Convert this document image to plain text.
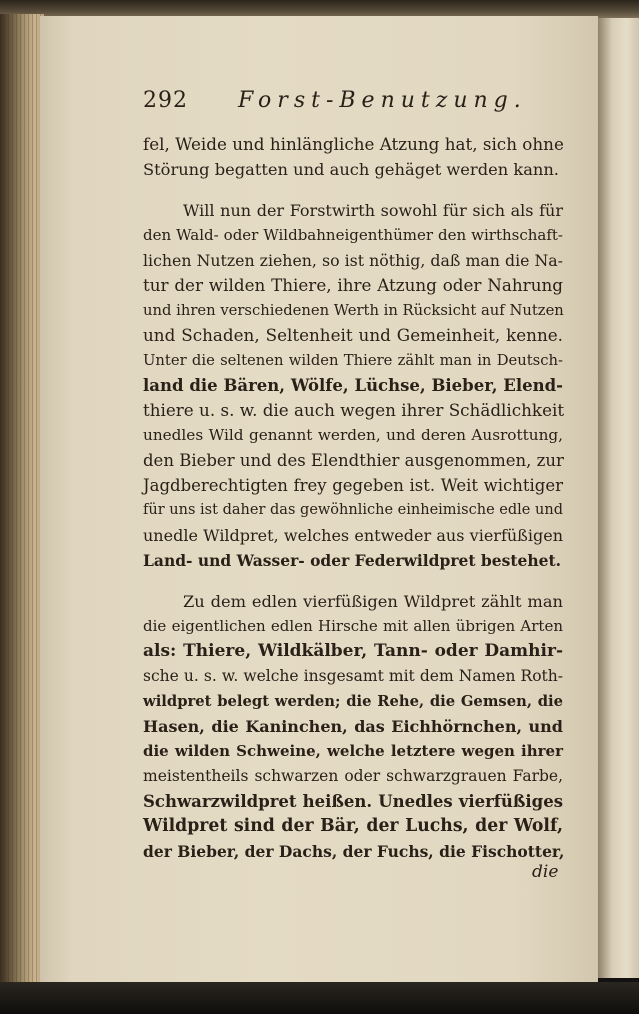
292 Forst-Benutzung.
fel, Weide und hinlängliche Atzung hat, sich ohne
Störung begatten und auch gehäget werden kann.
Will nun der Forstwirth sowohl für sich als für
den Wald- oder Wildbahneigenthümer den wirthschaft-
lichen Nutzen ziehen, so ist nöthig, daß man die Na-
tur der wilden Thiere, ihre Atzung oder Nahrung
und ihren verschiedenen Werth in Rücksicht auf Nutzen
und Schaden, Seltenheit und Gemeinheit, kenne.
Unter die seltenen wilden Thiere zählt man in Deutsch-
land die Bären, Wölfe, Lüchse, Bieber, Elend-
thiere u. s. w. die auch wegen ihrer Schädlichkeit
unedles Wild genannt werden, und deren Ausrottung,
den Bieber und des Elendthier ausgenommen, zur
Jagdberechtigten frey gegeben ist. Weit wichtiger
für uns ist daher das gewöhnliche einheimische edle und
unedle Wildpret, welches entweder aus vierfüßigen
Land- und Wasser- oder Federwildpret bestehet.
Zu dem edlen vierfüßigen Wildpret zählt man
die eigentlichen edlen Hirsche mit allen übrigen Arten
als: Thiere, Wildkälber, Tann- oder Damhir-
sche u. s. w. welche insgesamt mit dem Namen Roth-
wildpret belegt werden; die Rehe, die Gemsen, die
Hasen, die Kaninchen, das Eichhörnchen, und
die wilden Schweine, welche letztere wegen ihrer
meistentheils schwarzen oder schwarzgrauen Farbe,
Schwarzwildpret heißen. Unedles vierfüßiges
Wildpret sind der Bär, der Luchs, der Wolf,
der Bieber, der Dachs, der Fuchs, die Fischotter,
die
